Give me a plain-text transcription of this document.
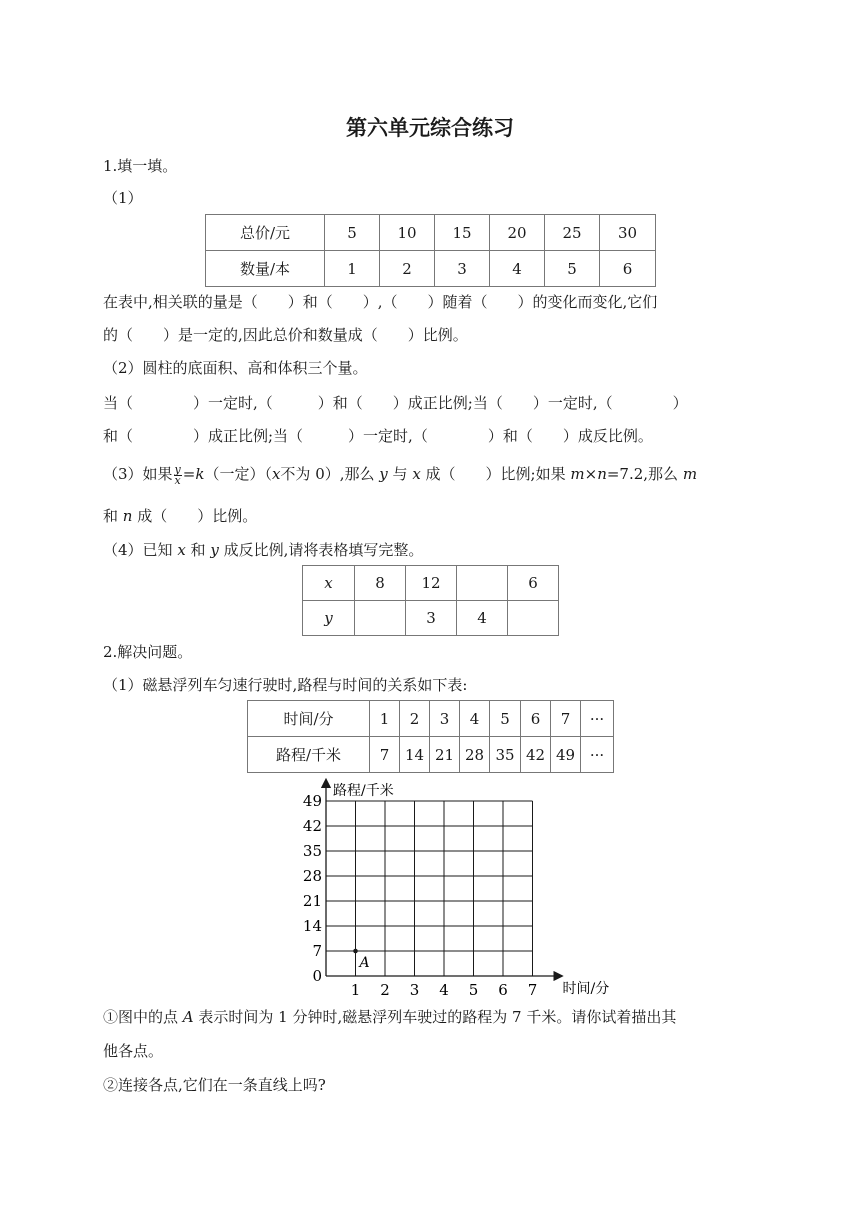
第六单元综合练习
1.填一填。
（1）
总价/元	5	10	15	20	25	30
数量/本	1	2	3	4	5	6
在表中,相关联的量是（　　）和（　　）,（　　）随着（　　）的变化而变化,它们
的（　　）是一定的,因此总价和数量成（　　）比例。
（2）圆柱的底面积、高和体积三个量。
当（　　　　）一定时,（　　　）和（　　）成正比例;当（　　）一定时,（　　　　）
和（　　　　）成正比例;当（　　　）一定时,（　　　　）和（　　）成反比例。
（3）如果 $\frac{y}{x} =k$（一定）（x不为 0）,那么 y 与 x 成（　　）比例;如果 m×n=7.2,那么 m
和 n 成（　　）比例。
（4）已知 x 和 y 成反比例,请将表格填写完整。
x	8	12		6
y		3	4	
2.解决问题。
（1）磁悬浮列车匀速行驶时,路程与时间的关系如下表:
时间/分	1	2	3	4	5	6	7	···
路程/千米	7	14	21	28	35	42	49	···
1 2 3 4 5 6 7
7
14
21
28
35
42
49
0
时间/分
路程/千米
A
①图中的点 A 表示时间为 1 分钟时,磁悬浮列车驶过的路程为 7 千米。请你试着描出其
他各点。
②连接各点,它们在一条直线上吗?
